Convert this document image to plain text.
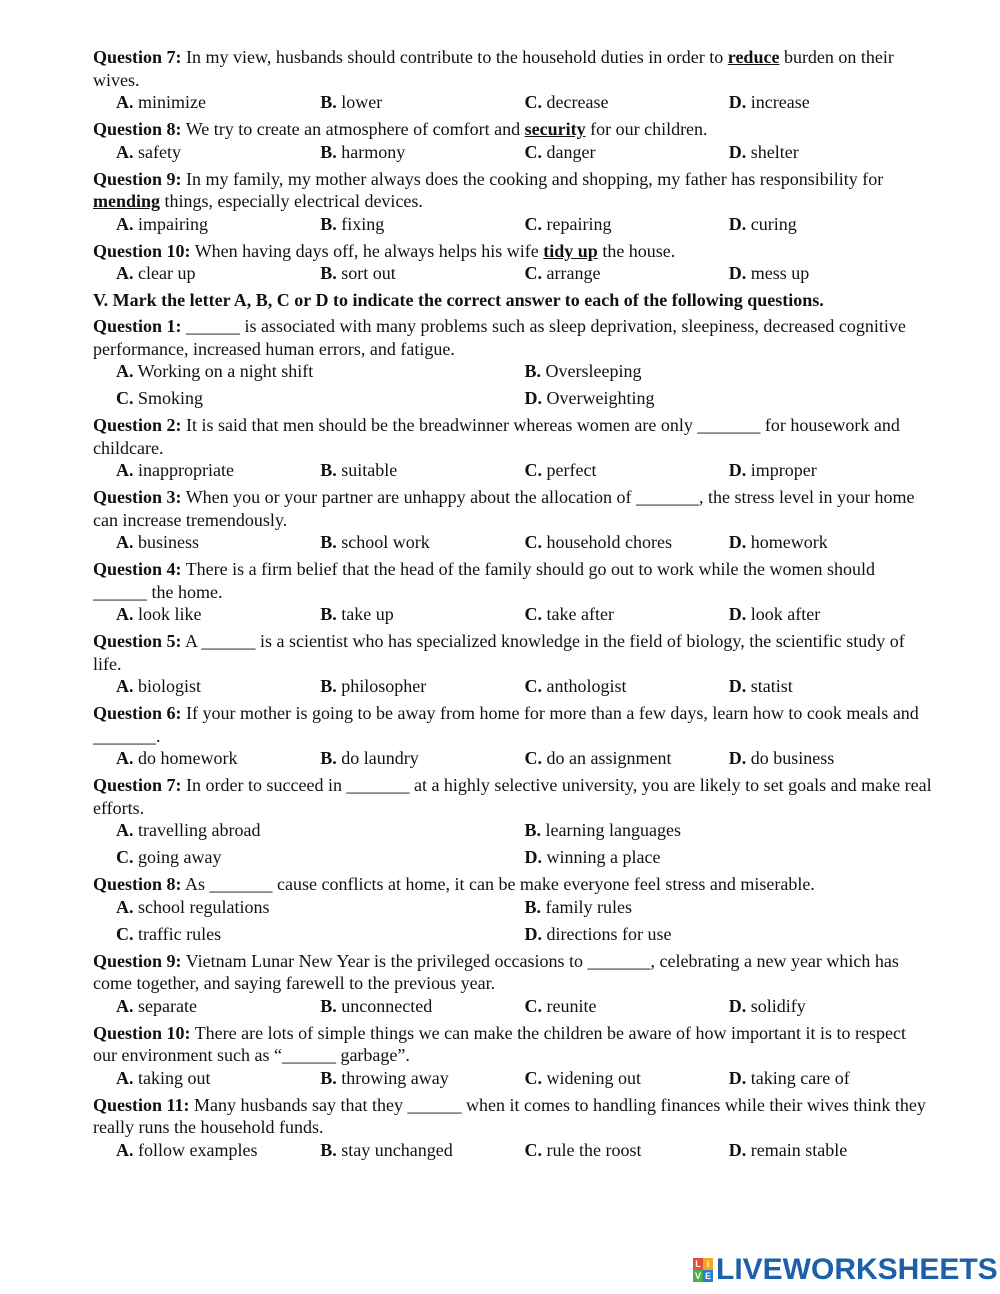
Question 7: In my view, husbands should contribute to the household duties in order to reduce burden on their wives.

A. minimize	B. lower	C. decrease	D. increase

Question 8: We try to create an atmosphere of comfort and security for our children.

A. safety	B. harmony	C. danger	D. shelter

Question 9: In my family, my mother always does the cooking and shopping, my father has responsibility for mending things, especially electrical devices.

A. impairing	B. fixing	C. repairing	D. curing

Question 10: When having days off, he always helps his wife tidy up the house.

A. clear up	B. sort out	C. arrange	D. mess up

V. Mark the letter A, B, C or D to indicate the correct answer to each of the following questions.

Question 1: ______ is associated with many problems such as sleep deprivation, sleepiness, decreased cognitive performance, increased human errors, and fatigue.

A. Working on a night shift	B. Oversleeping
C. Smoking	D. Overweighting

Question 2: It is said that men should be the breadwinner whereas women are only _______ for housework and childcare.

A. inappropriate	B. suitable	C. perfect	D. improper

Question 3: When you or your partner are unhappy about the allocation of _______, the stress level in your home can increase tremendously.

A. business	B. school work	C. household chores	D. homework

Question 4: There is a firm belief that the head of the family should go out to work while the women should ______ the home.

A. look like	B. take up	C. take after	D. look after

Question 5: A ______ is a scientist who has specialized knowledge in the field of biology, the scientific study of life.

A. biologist	B. philosopher	C. anthologist	D. statist

Question 6: If your mother is going to be away from home for more than a few days, learn how to cook meals and _______.

A. do homework	B. do laundry	C. do an assignment	D. do business

Question 7: In order to succeed in _______ at a highly selective university, you are likely to set goals and make real efforts.

A. travelling abroad	B. learning languages
C. going away	D. winning a place

Question 8: As _______ cause conflicts at home, it can be make everyone feel stress and miserable.

A. school regulations	B. family rules
C. traffic rules	D. directions for use

Question 9: Vietnam Lunar New Year is the privileged occasions to _______, celebrating a new year which has come together, and saying farewell to the previous year.

A. separate	B. unconnected	C. reunite	D. solidify

Question 10: There are lots of simple things we can make the children be aware of how important it is to respect our environment such as “______ garbage”.

A. taking out	B. throwing away	C. widening out	D. taking care of

Question 11: Many husbands say that they ______ when it comes to handling finances while their wives think they really runs the household funds.

A. follow examples	B. stay unchanged	C. rule the roost	D. remain stable
L i
V E LIVEWORKSHEETS
